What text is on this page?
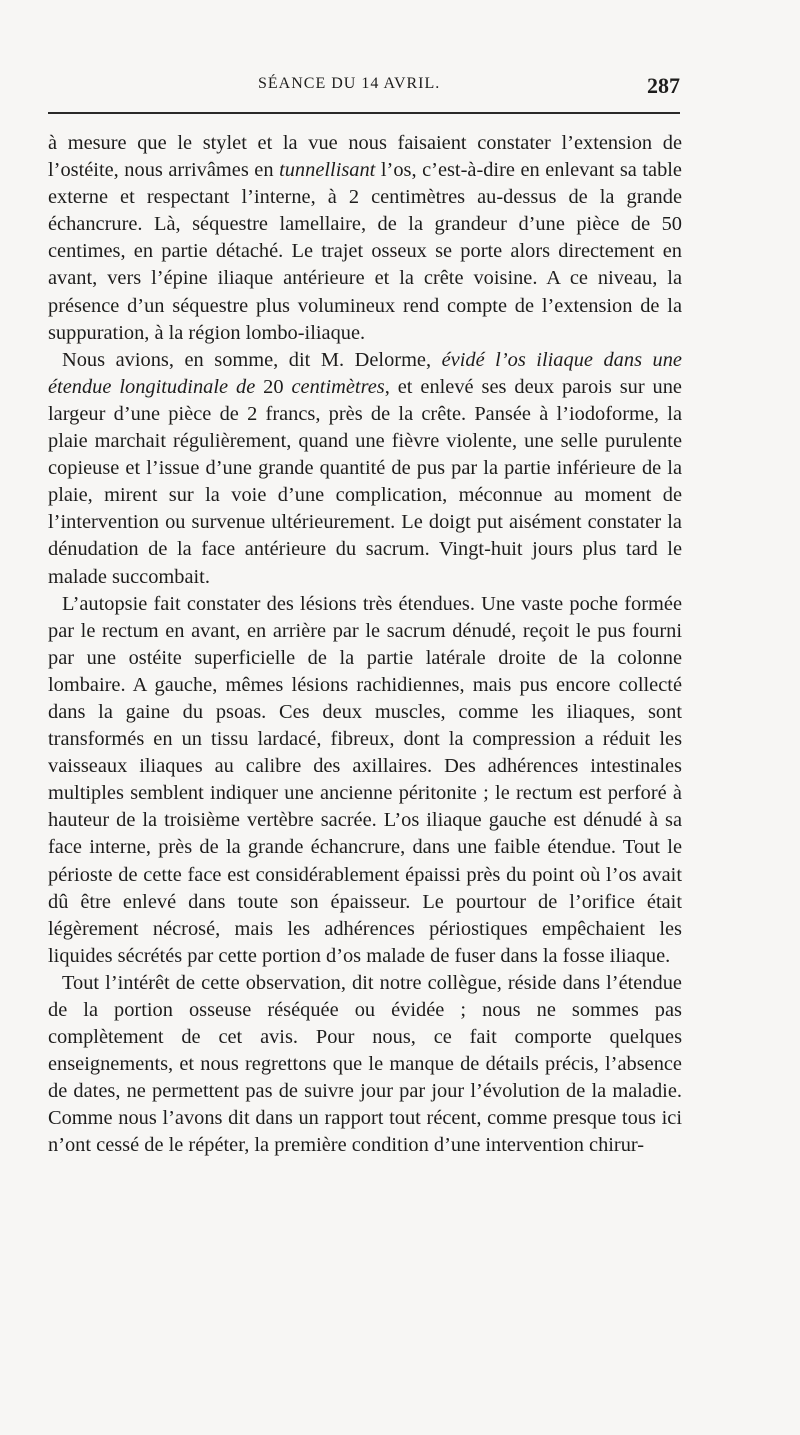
SÉANCE DU 14 AVRIL.	287

à mesure que le stylet et la vue nous faisaient constater l’extension de l’ostéite, nous arrivâmes en tunnellisant l’os, c’est-à-dire en enlevant sa table externe et respectant l’interne, à 2 centimètres au-dessus de la grande échancrure. Là, séquestre lamellaire, de la grandeur d’une pièce de 50 centimes, en partie détaché. Le trajet osseux se porte alors directement en avant, vers l’épine iliaque antérieure et la crête voisine. A ce niveau, la présence d’un séquestre plus volumineux rend compte de l’extension de la suppuration, à la région lombo-iliaque.

Nous avions, en somme, dit M. Delorme, évidé l’os iliaque dans une étendue longitudinale de 20 centimètres, et enlevé ses deux parois sur une largeur d’une pièce de 2 francs, près de la crête. Pansée à l’iodoforme, la plaie marchait régulièrement, quand une fièvre violente, une selle purulente copieuse et l’issue d’une grande quantité de pus par la partie inférieure de la plaie, mirent sur la voie d’une complication, méconnue au moment de l’intervention ou survenue ultérieurement. Le doigt put aisément constater la dénudation de la face antérieure du sacrum. Vingt-huit jours plus tard le malade succombait.

L’autopsie fait constater des lésions très étendues. Une vaste poche formée par le rectum en avant, en arrière par le sacrum dénudé, reçoit le pus fourni par une ostéite superficielle de la partie latérale droite de la colonne lombaire. A gauche, mêmes lésions rachidiennes, mais pus encore collecté dans la gaine du psoas. Ces deux muscles, comme les iliaques, sont transformés en un tissu lardacé, fibreux, dont la compression a réduit les vaisseaux iliaques au calibre des axillaires. Des adhérences intestinales multiples semblent indiquer une ancienne péritonite ; le rectum est perforé à hauteur de la troisième vertèbre sacrée. L’os iliaque gauche est dénudé à sa face interne, près de la grande échancrure, dans une faible étendue. Tout le périoste de cette face est considérablement épaissi près du point où l’os avait dû être enlevé dans toute son épaisseur. Le pourtour de l’orifice était légèrement nécrosé, mais les adhérences périostiques empêchaient les liquides sécrétés par cette portion d’os malade de fuser dans la fosse iliaque.

Tout l’intérêt de cette observation, dit notre collègue, réside dans l’étendue de la portion osseuse réséquée ou évidée ; nous ne sommes pas complètement de cet avis. Pour nous, ce fait comporte quelques enseignements, et nous regrettons que le manque de détails précis, l’absence de dates, ne permettent pas de suivre jour par jour l’évolution de la maladie. Comme nous l’avons dit dans un rapport tout récent, comme presque tous ici n’ont cessé de le répéter, la première condition d’une intervention chirur-
